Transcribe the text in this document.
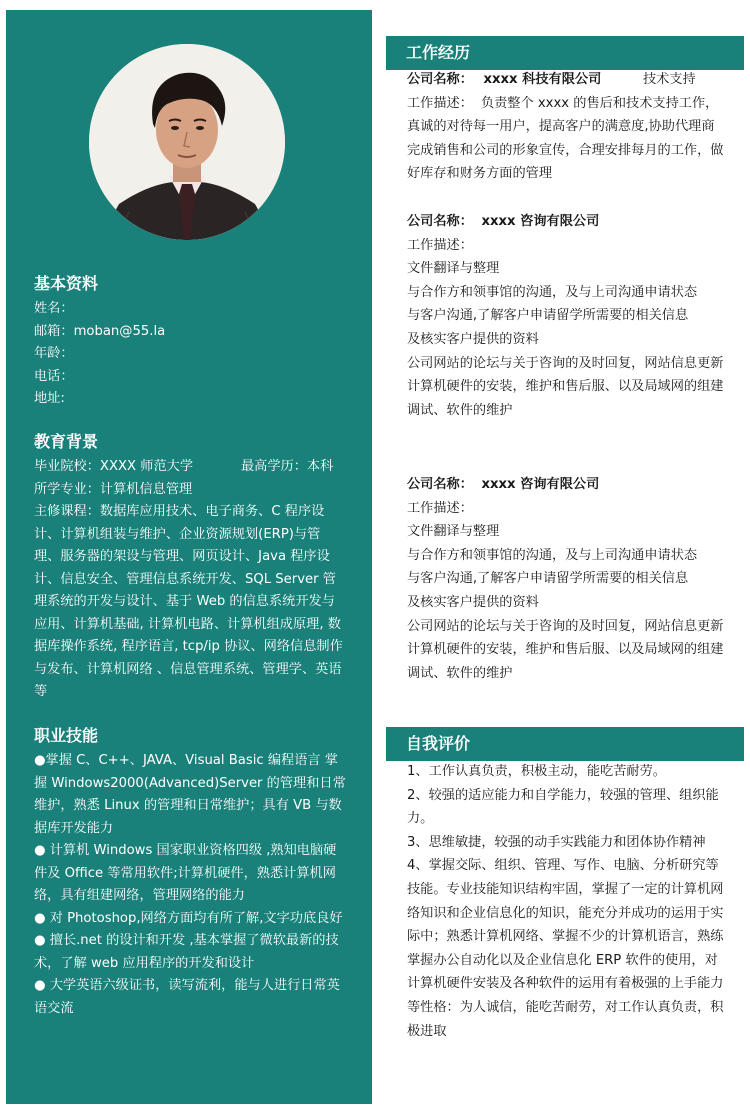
基本资料
姓名：
邮箱：moban@55.la
年龄：
电话：
地址:
教育背景
毕业院校：XXXX 师范大学	最高学历：本科
所学专业：计算机信息管理
主修课程：数据库应用技术、电子商务、C 程序设计、计算机组装与维护、企业资源规划(ERP)与管理、服务器的架设与管理、网页设计、Java 程序设计、信息安全、管理信息系统开发、SQL Server 管理系统的开发与设计、基于 Web 的信息系统开发与应用、计算机基础, 计算机电路、计算机组成原理, 数据库操作系统, 程序语言, tcp/ip 协议、网络信息制作与发布、计算机网络 、信息管理系统、管理学、英语等
职业技能
●掌握 C、C++、JAVA、Visual Basic 编程语言 掌握 Windows2000(Advanced)Server 的管理和日常维护，熟悉 Linux 的管理和日常维护；具有 VB 与数据库开发能力
● 计算机 Windows 国家职业资格四级 ,熟知电脑硬件及 Office 等常用软件;计算机硬件，熟悉计算机网络，具有组建网络，管理网络的能力
● 对 Photoshop,网络方面均有所了解,文字功底良好
● 擅长.net 的设计和开发 ,基本掌握了微软最新的技术，了解 web 应用程序的开发和设计
● 大学英语六级证书，读写流利，能与人进行日常英语交流
工作经历
公司名称： xxxx 科技有限公司	技术支持
工作描述： 负责整个 xxxx 的售后和技术支持工作，真诚的对待每一用户，提高客户的满意度,协助代理商完成销售和公司的形象宣传，合理安排每月的工作，做好库存和财务方面的管理
公司名称： xxxx 咨询有限公司
工作描述：
文件翻译与整理
与合作方和领事馆的沟通，及与上司沟通申请状态
与客户沟通,了解客户申请留学所需要的相关信息
及核实客户提供的资料
公司网站的论坛与关于咨询的及时回复，网站信息更新
计算机硬件的安装，维护和售后服、以及局域网的组建调试、软件的维护
公司名称： xxxx 咨询有限公司
工作描述：
文件翻译与整理
与合作方和领事馆的沟通，及与上司沟通申请状态
与客户沟通,了解客户申请留学所需要的相关信息
及核实客户提供的资料
公司网站的论坛与关于咨询的及时回复，网站信息更新
计算机硬件的安装，维护和售后服、以及局域网的组建调试、软件的维护
自我评价
1、工作认真负责，积极主动，能吃苦耐劳。
2、较强的适应能力和自学能力，较强的管理、组织能力。
3、思维敏捷，较强的动手实践能力和团体协作精神
4、掌握交际、组织、管理、写作、电脑、分析研究等技能。专业技能知识结构牢固，掌握了一定的计算机网络知识和企业信息化的知识，能充分并成功的运用于实际中；熟悉计算机网络、掌握不少的计算机语言，熟练掌握办公自动化以及企业信息化 ERP 软件的使用，对计算机硬件安装及各种软件的运用有着极强的上手能力等性格：为人诚信，能吃苦耐劳，对工作认真负责，积极进取
